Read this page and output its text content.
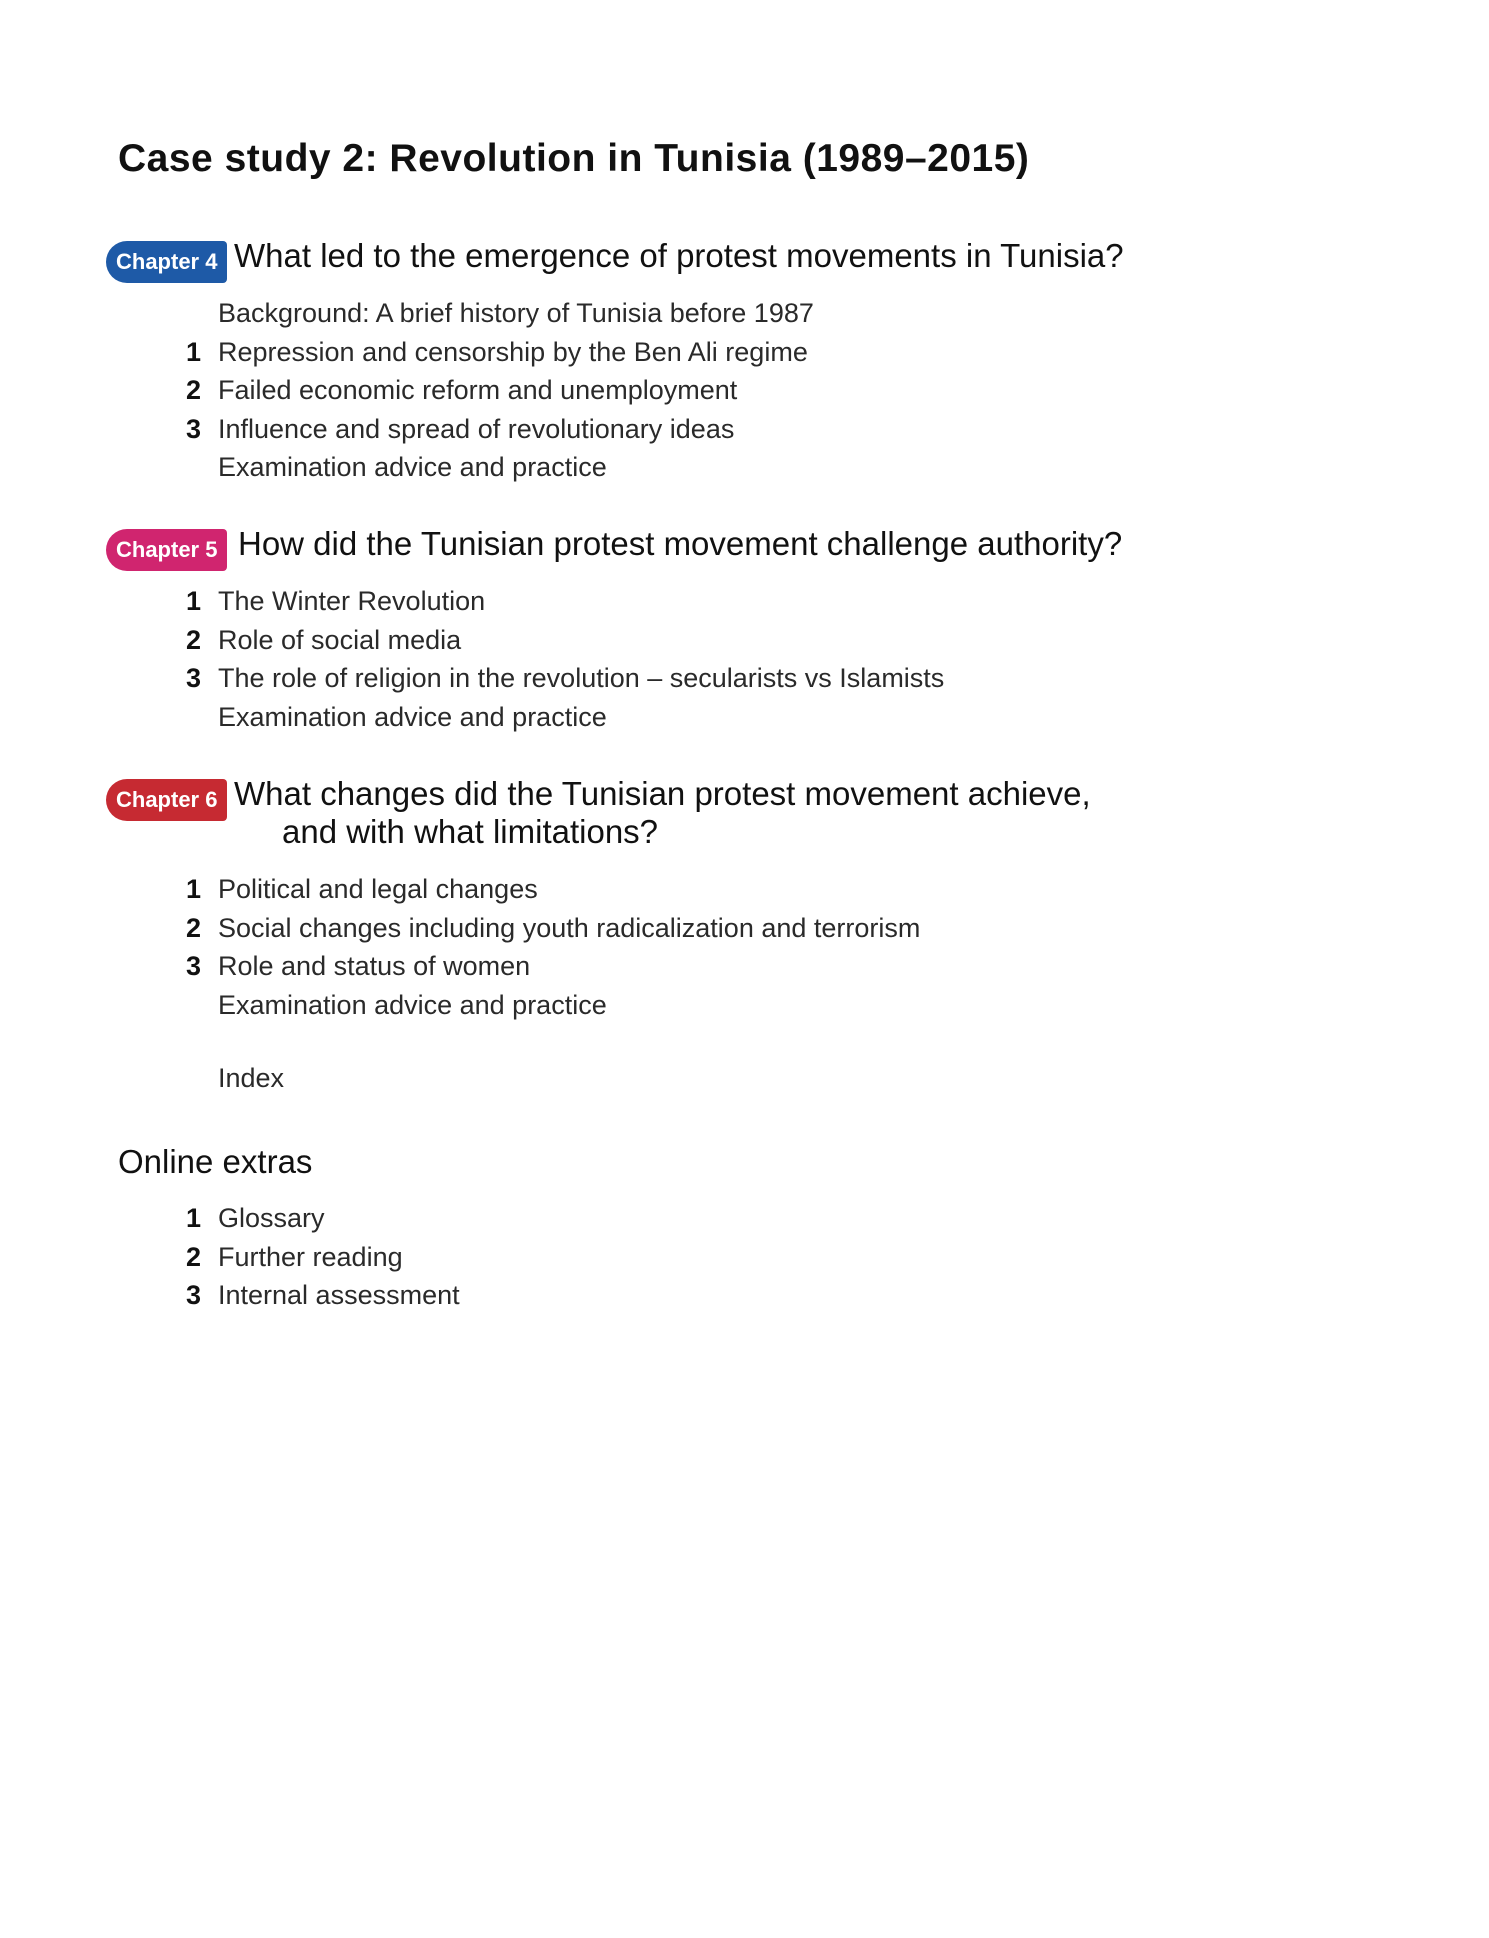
Case study 2: Revolution in Tunisia (1989–2015)
Chapter 4 What led to the emergence of protest movements in Tunisia?
Background: A brief history of Tunisia before 1987
1 Repression and censorship by the Ben Ali regime
2 Failed economic reform and unemployment
3 Influence and spread of revolutionary ideas
Examination advice and practice
Chapter 5 How did the Tunisian protest movement challenge authority?
1 The Winter Revolution
2 Role of social media
3 The role of religion in the revolution – secularists vs Islamists
Examination advice and practice
Chapter 6 What changes did the Tunisian protest movement achieve,
and with what limitations?
1 Political and legal changes
2 Social changes including youth radicalization and terrorism
3 Role and status of women
Examination advice and practice
Index
Online extras
1 Glossary
2 Further reading
3 Internal assessment
